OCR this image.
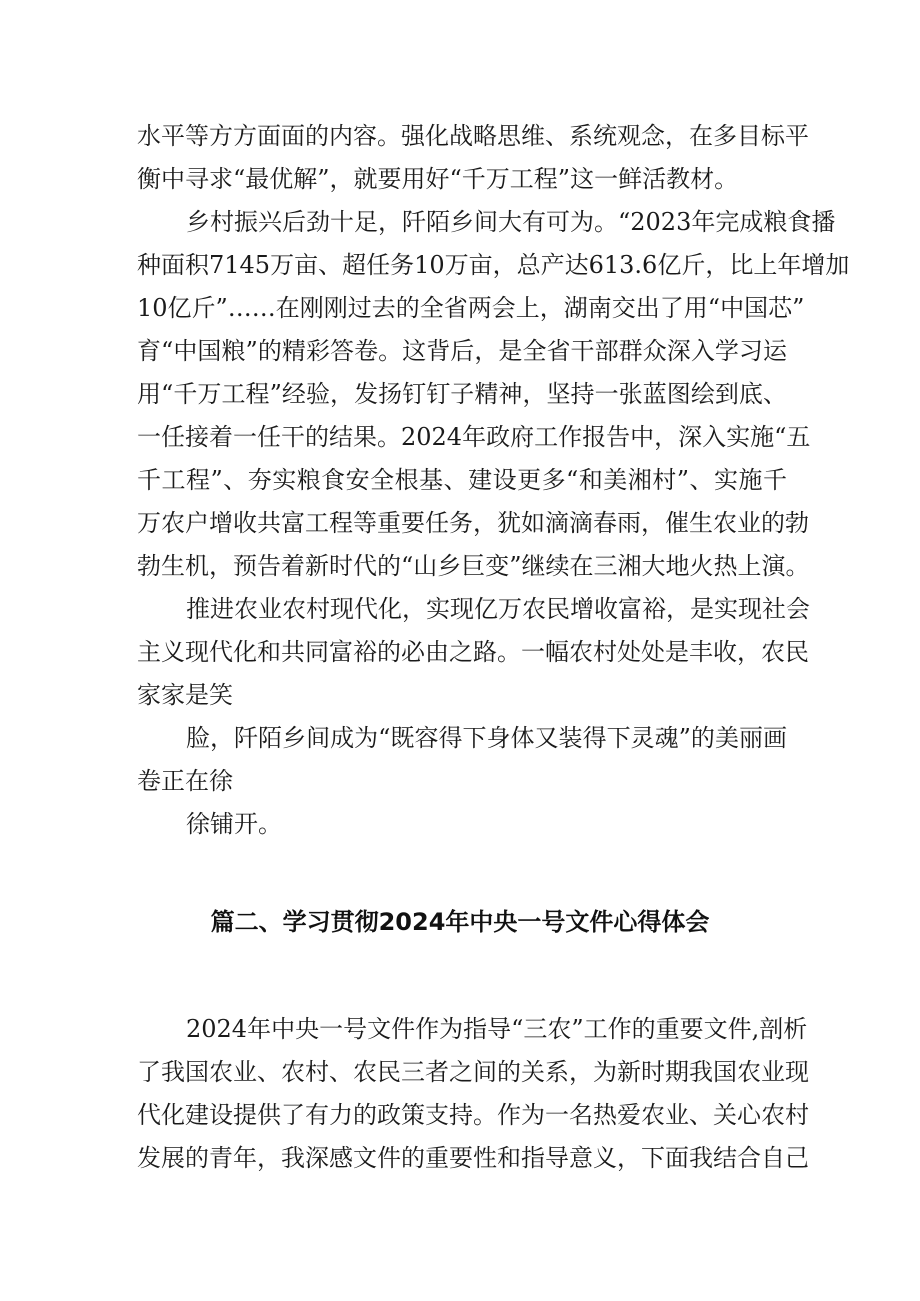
水平等方方面面的内容。强化战略思维、系统观念，在多目标平
衡中寻求“最优解”，就要用好“千万工程”这一鲜活教材。
乡村振兴后劲十足，阡陌乡间大有可为。“2023年完成粮食播
种面积7145万亩、超任务10万亩，总产达613.6亿斤，比上年增加
10亿斤”……在刚刚过去的全省两会上，湖南交出了用“中国芯”
育“中国粮”的精彩答卷。这背后，是全省干部群众深入学习运
用“千万工程”经验，发扬钉钉子精神，坚持一张蓝图绘到底、
一任接着一任干的结果。2024年政府工作报告中，深入实施“五
千工程”、夯实粮食安全根基、建设更多“和美湘村”、实施千
万农户增收共富工程等重要任务，犹如滴滴春雨，催生农业的勃
勃生机，预告着新时代的“山乡巨变”继续在三湘大地火热上演。
推进农业农村现代化，实现亿万农民增收富裕，是实现社会
主义现代化和共同富裕的必由之路。一幅农村处处是丰收，农民
家家是笑
脸，阡陌乡间成为“既容得下身体又装得下灵魂”的美丽画
卷正在徐
徐铺开。
篇二、学习贯彻2024年中央一号文件心得体会
2024年中央一号文件作为指导“三农”工作的重要文件,剖析
了我国农业、农村、农民三者之间的关系，为新时期我国农业现
代化建设提供了有力的政策支持。作为一名热爱农业、关心农村
发展的青年，我深感文件的重要性和指导意义，下面我结合自己
